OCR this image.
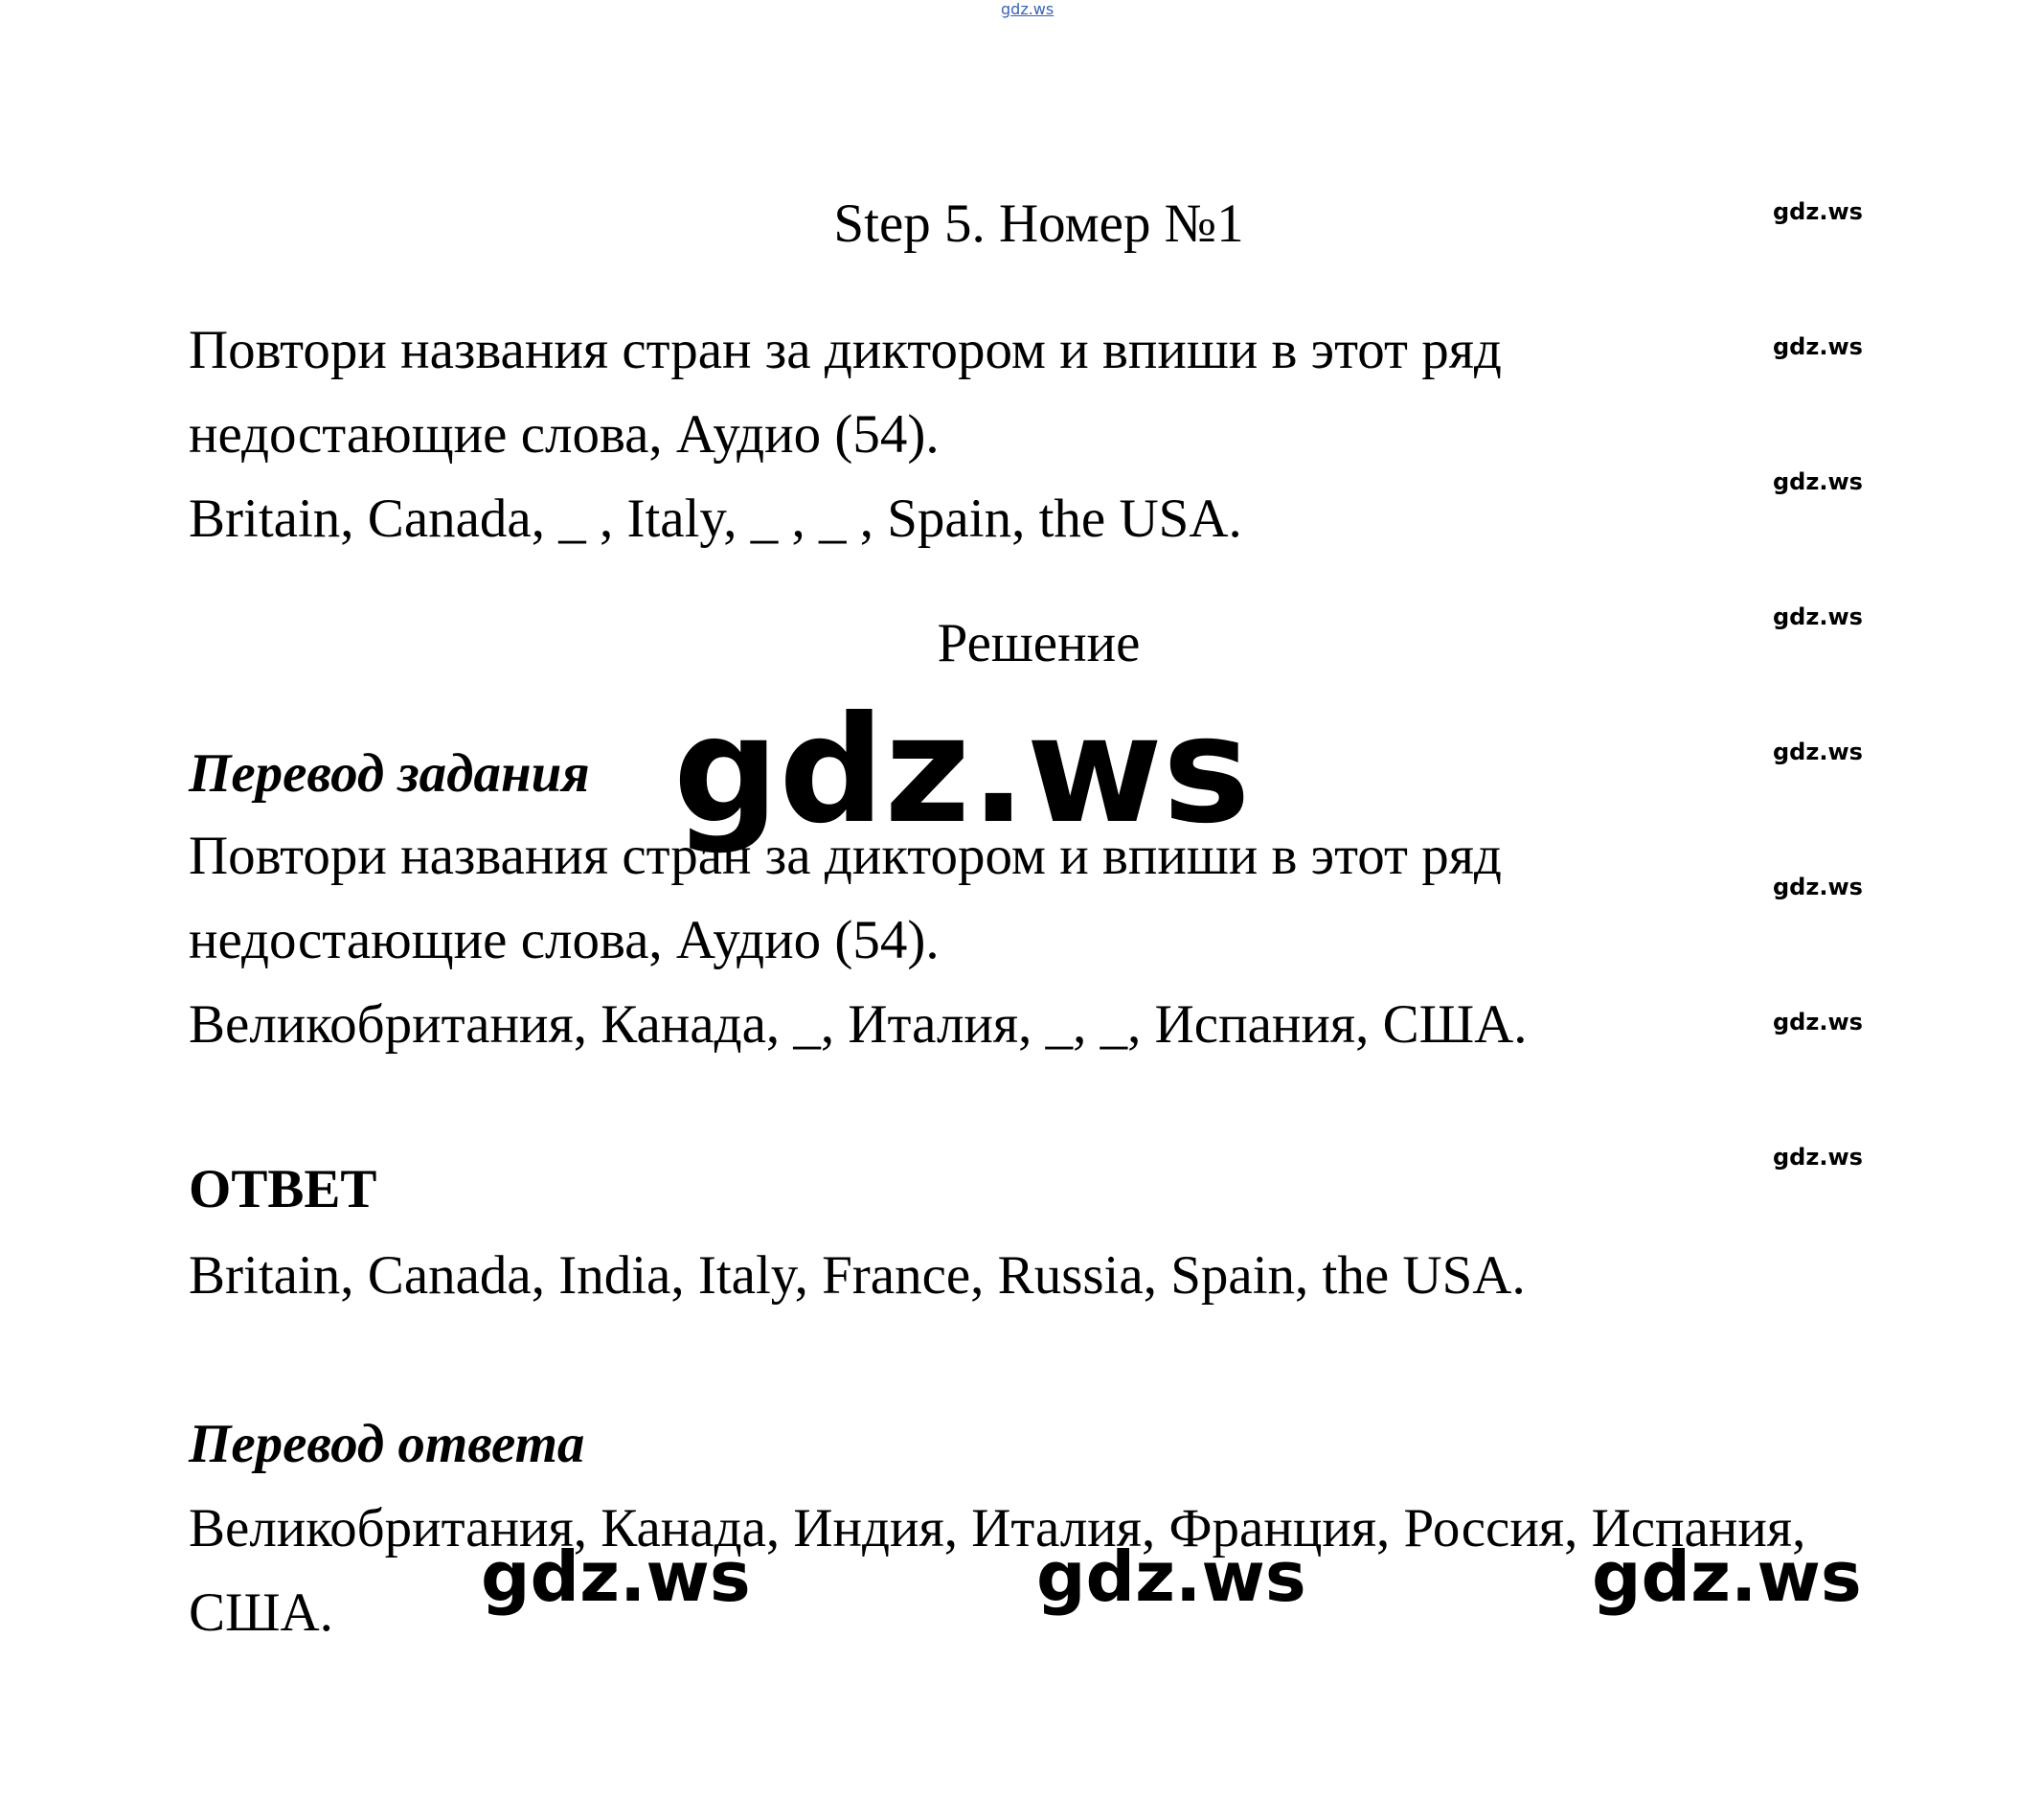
gdz.ws
Step 5. Номер №1
Повтори названия стран за диктором и впиши в этот ряд
недостающие слова, Аудио (54).
Britain, Canada, _ , Italy, _ , _ , Spain, the USA.
Решение
Перевод задания
Повтори названия стран за диктором и впиши в этот ряд
недостающие слова, Аудио (54).
Великобритания, Канада, _, Италия, _, _, Испания, США.
ОТВЕТ
Britain, Canada, India, Italy, France, Russia, Spain, the USA.
Перевод ответа
Великобритания, Канада, Индия, Италия, Франция, Россия, Испания,
США.
gdz.ws
gdz.ws
gdz.ws
gdz.ws
gdz.ws
gdz.ws
gdz.ws
gdz.ws
gdz.ws
gdz.ws	gdz.ws	gdz.ws
